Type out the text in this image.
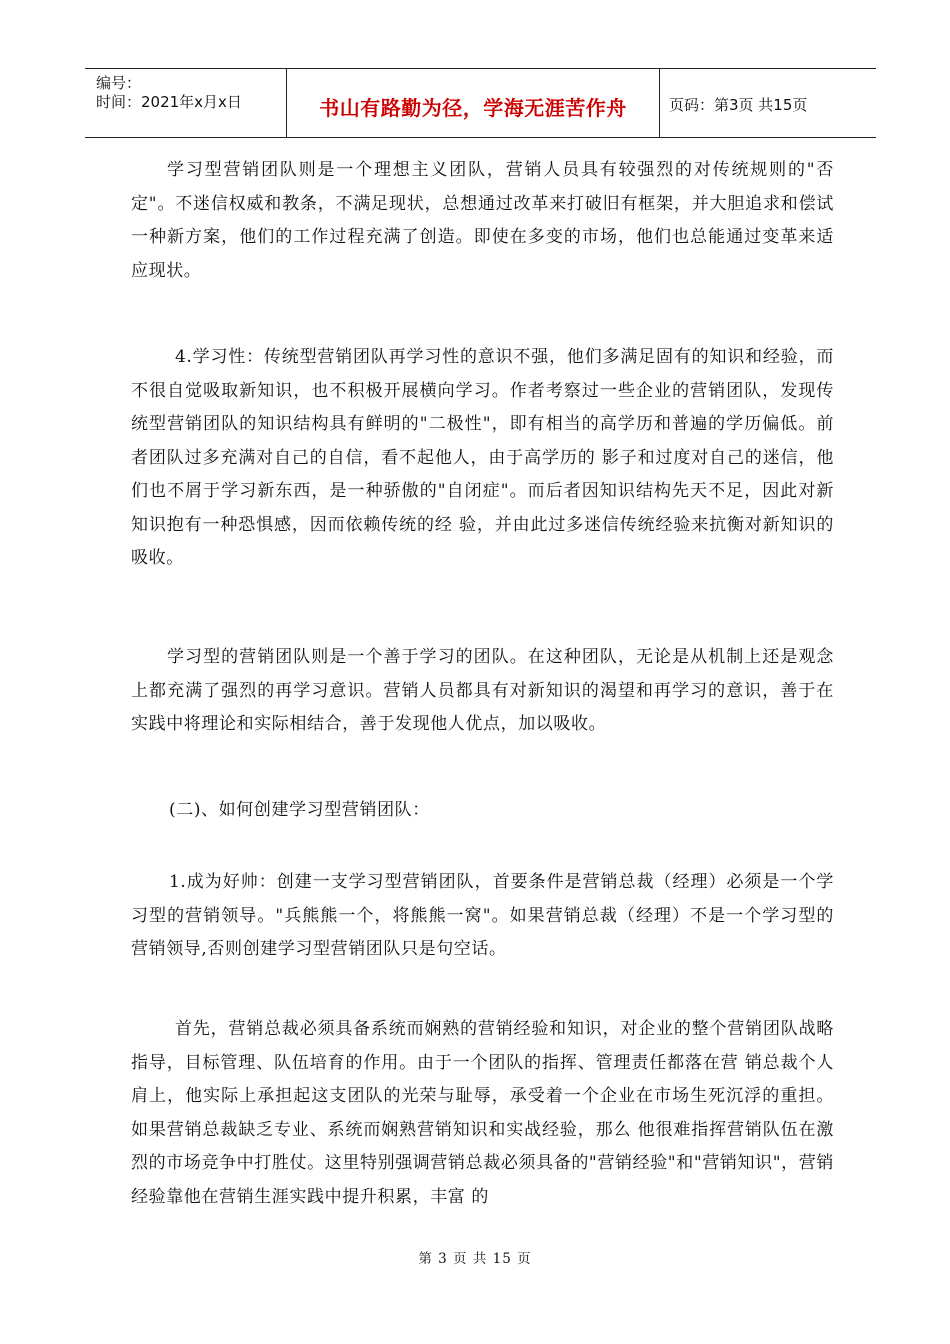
编号：
时间：2021年x月x日	书山有路勤为径，学海无涯苦作舟	页码：第3页 共15页

学习型营销团队则是一个理想主义团队，营销人员具有较强烈的对传统规则的"否定"。不迷信权威和教条，不满足现状，总想通过改革来打破旧有框架，并大胆追求和偿试一种新方案，他们的工作过程充满了创造。即使在多变的市场，他们也总能通过变革来适应现状。

4.学习性：传统型营销团队再学习性的意识不强，他们多满足固有的知识和经验，而不很自觉吸取新知识，也不积极开展横向学习。作者考察过一些企业的营销团队，发现传统型营销团队的知识结构具有鲜明的"二极性"，即有相当的高学历和普遍的学历偏低。前者团队过多充满对自己的自信，看不起他人，由于高学历的 影子和过度对自己的迷信，他们也不屑于学习新东西，是一种骄傲的"自闭症"。而后者因知识结构先天不足，因此对新知识抱有一种恐惧感，因而依赖传统的经 验，并由此过多迷信传统经验来抗衡对新知识的吸收。

学习型的营销团队则是一个善于学习的团队。在这种团队，无论是从机制上还是观念上都充满了强烈的再学习意识。营销人员都具有对新知识的渴望和再学习的意识，善于在实践中将理论和实际相结合，善于发现他人优点，加以吸收。

(二)、如何创建学习型营销团队：

1.成为好帅：创建一支学习型营销团队，首要条件是营销总裁（经理）必须是一个学习型的营销领导。"兵熊熊一个，将熊熊一窝"。如果营销总裁（经理）不是一个学习型的营销领导,否则创建学习型营销团队只是句空话。

首先，营销总裁必须具备系统而娴熟的营销经验和知识，对企业的整个营销团队战略指导，目标管理、队伍培育的作用。由于一个团队的指挥、管理责任都落在营 销总裁个人肩上，他实际上承担起这支团队的光荣与耻辱，承受着一个企业在市场生死沉浮的重担。如果营销总裁缺乏专业、系统而娴熟营销知识和实战经验，那么 他很难指挥营销队伍在激烈的市场竞争中打胜仗。这里特别强调营销总裁必须具备的"营销经验"和"营销知识"，营销经验靠他在营销生涯实践中提升积累，丰富 的

第 3 页 共 15 页
